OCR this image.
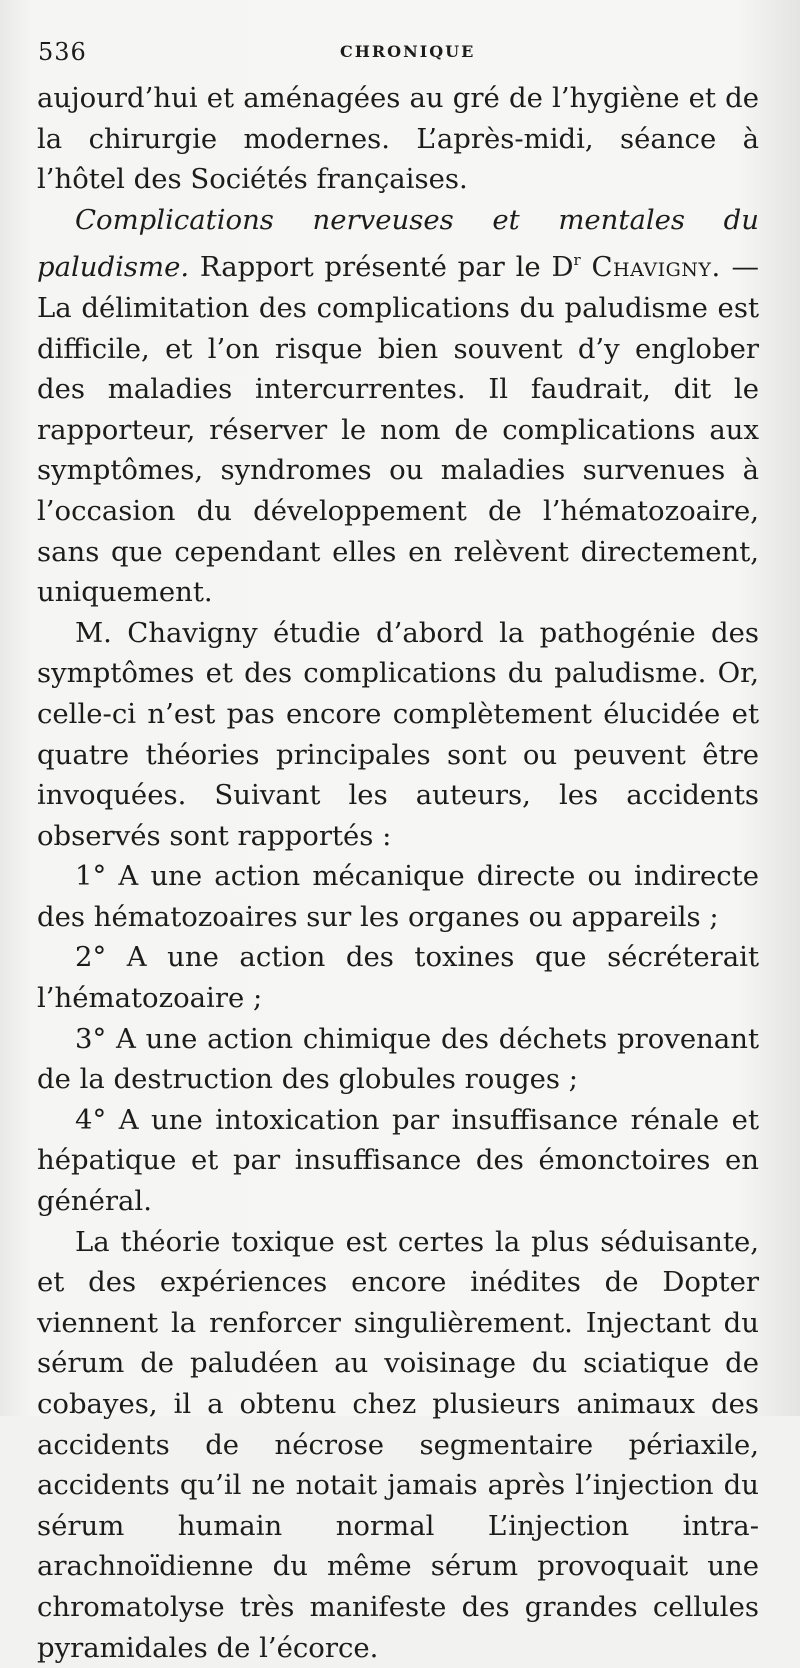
536	CHRONIQUE

aujourd’hui et aménagées au gré de l’hygiène et de la chirurgie modernes. L’après-midi, séance à l’hôtel des Sociétés françaises.

Complications nerveuses et mentales du paludisme. Rapport présenté par le $D^r$ Chavigny. — La délimitation des complications du paludisme est difficile, et l’on risque bien souvent d’y englober des maladies intercurrentes. Il faudrait, dit le rapporteur, réserver le nom de complications aux symptômes, syndromes ou maladies survenues à l’occasion du développement de l’hématozoaire, sans que cependant elles en relèvent directement, uniquement.

M. Chavigny étudie d’abord la pathogénie des symptômes et des complications du paludisme. Or, celle-ci n’est pas encore complètement élucidée et quatre théories principales sont ou peuvent être invoquées. Suivant les auteurs, les accidents observés sont rapportés :

1° A une action mécanique directe ou indirecte des hématozoaires sur les organes ou appareils ;

2° A une action des toxines que sécréterait l’hématozoaire ;

3° A une action chimique des déchets provenant de la destruction des globules rouges ;

4° A une intoxication par insuffisance rénale et hépatique et par insuffisance des émonctoires en général.

La théorie toxique est certes la plus séduisante, et des expériences encore inédites de Dopter viennent la renforcer singulièrement. Injectant du sérum de paludéen au voisinage du sciatique de cobayes, il a obtenu chez plusieurs animaux des accidents de nécrose segmentaire périaxile, accidents qu’il ne notait jamais après l’injection du sérum humain normal L’injection intra-arachnoïdienne du même sérum provoquait une chromatolyse très manifeste des grandes cellules pyramidales de l’écorce.
